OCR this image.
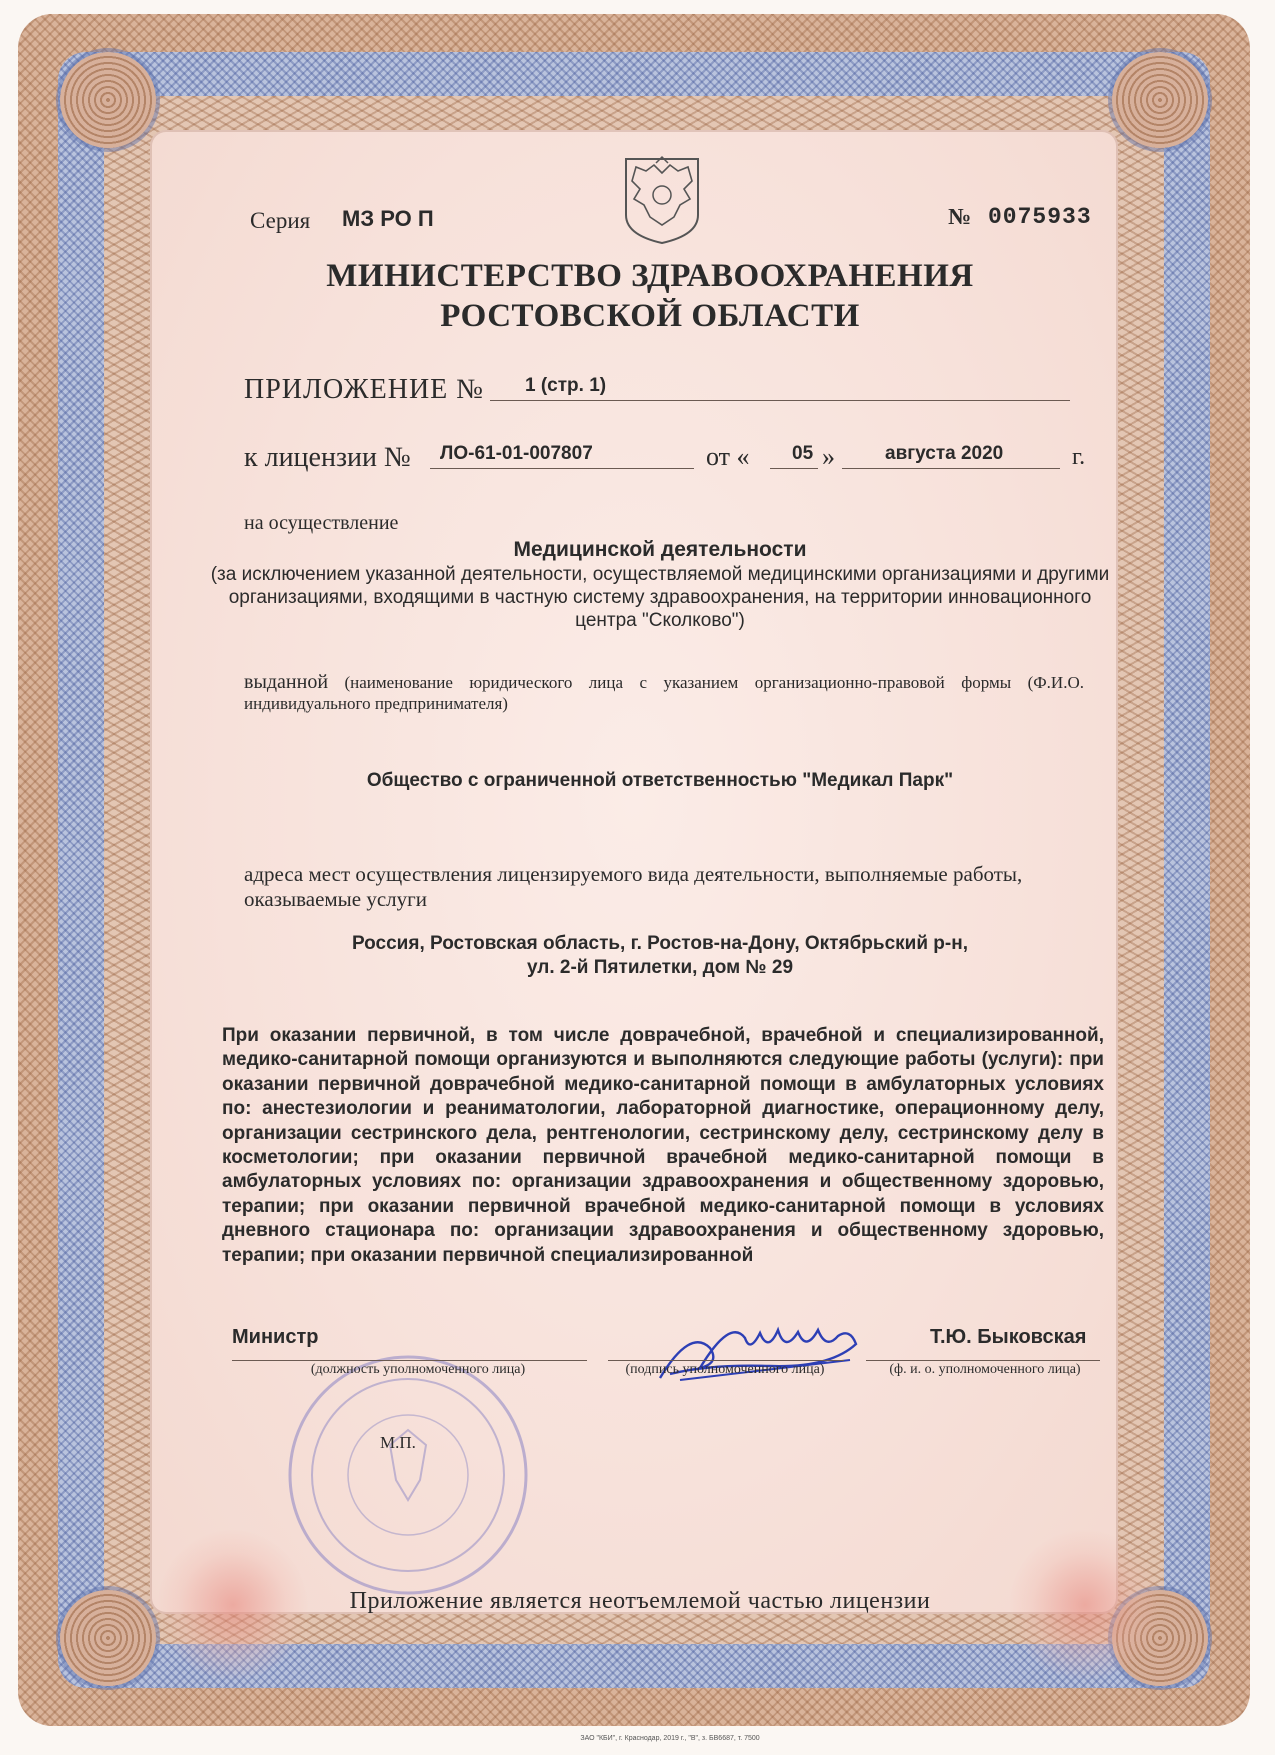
Серия МЗ РО П	№ 0075933
МИНИСТЕРСТВО ЗДРАВООХРАНЕНИЯ
РОСТОВСКОЙ ОБЛАСТИ
ПРИЛОЖЕНИЕ № 1 (стр. 1)
к лицензии № ЛО-61-01-007807	от « 05 »	августа 2020	г.
на осуществление
Медицинской деятельности
(за исключением указанной деятельности, осуществляемой медицинскими организациями и другими организациями, входящими в частную систему здравоохранения, на территории инновационного центра "Сколково")
выданной (наименование юридического лица с указанием организационно-правовой формы (Ф.И.О. индивидуального предпринимателя)
Общество с ограниченной ответственностью "Медикал Парк"
адреса мест осуществления лицензируемого вида деятельности, выполняемые работы, оказываемые услуги
Россия, Ростовская область, г. Ростов-на-Дону, Октябрьский р-н,
ул. 2-й Пятилетки, дом № 29
При оказании первичной, в том числе доврачебной, врачебной и специализированной, медико-санитарной помощи организуются и выполняются следующие работы (услуги): при оказании первичной доврачебной медико-санитарной помощи в амбулаторных условиях по: анестезиологии и реаниматологии, лабораторной диагностике, операционному делу, организации сестринского дела, рентгенологии, сестринскому делу, сестринскому делу в косметологии; при оказании первичной врачебной медико-санитарной помощи в амбулаторных условиях по: организации здравоохранения и общественному здоровью, терапии; при оказании первичной врачебной медико-санитарной помощи в условиях дневного стационара по: организации здравоохранения и общественному здоровью, терапии; при оказании первичной специализированной
М.П.
Министр	Т.Ю. Быковская
(должность уполномоченного лица)	(подпись уполномоченного лица)	(ф. и. о. уполномоченного лица)
Приложение является неотъемлемой частью лицензии
ЗАО "КБИ", г. Краснодар, 2019 г., "В", з. БВ6687, т. 7500
